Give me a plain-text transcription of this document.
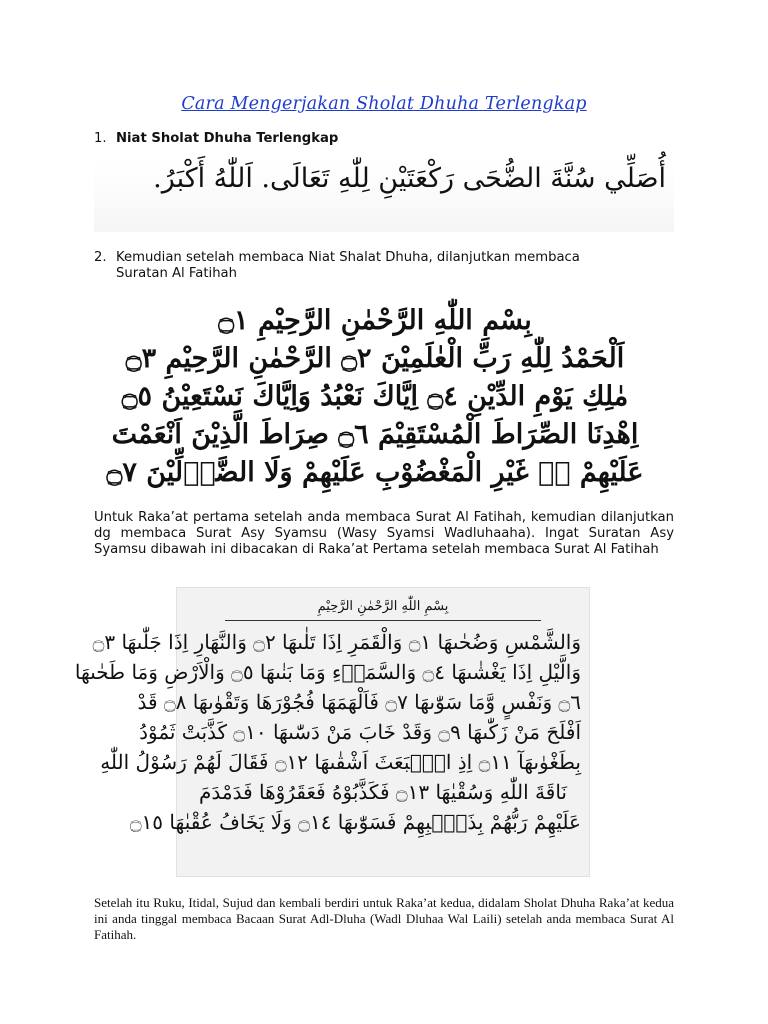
Cara Mengerjakan Sholat Dhuha Terlengkap
1. Niat Sholat Dhuha Terlengkap
أُصَلِّي سُنَّةَ الضُّحَى رَكْعَتَيْنِ لِلّٰهِ تَعَالَى. اَللّٰهُ أَكْبَرُ.
2. Kemudian setelah membaca Niat Shalat Dhuha, dilanjutkan membaca
Suratan Al Fatihah
بِسْمِ اللّٰهِ الرَّحْمٰنِ الرَّحِيْمِ ۝١
اَلْحَمْدُ لِلّٰهِ رَبِّ الْعٰلَمِيْنَ ۝٢ الرَّحْمٰنِ الرَّحِيْمِ ۝٣
مٰلِكِ يَوْمِ الدِّيْنِ ۝٤ اِيَّاكَ نَعْبُدُ وَاِيَّاكَ نَسْتَعِيْنُ ۝٥
اِهْدِنَا الصِّرَاطَ الْمُسْتَقِيْمَ ۝٦ صِرَاطَ الَّذِيْنَ اَنْعَمْتَ
عَلَيْهِمْ ەۙ غَيْرِ الْمَغْضُوْبِ عَلَيْهِمْ وَلَا الضَّاۤلِّيْنَ ۝٧
Untuk Raka’at pertama setelah anda membaca Surat Al Fatihah, kemudian dilanjutkan dg membaca Surat Asy Syamsu (Wasy Syamsi Wadluhaaha). Ingat Suratan Asy Syamsu dibawah ini dibacakan di Raka’at Pertama setelah membaca Surat Al Fatihah
بِسْمِ اللّٰهِ الرَّحْمٰنِ الرَّحِيْمِ
وَالشَّمْسِ وَضُحٰىهَا ۝١ وَالْقَمَرِ اِذَا تَلٰىهَا ۝٢ وَالنَّهَارِ اِذَا جَلّٰىهَا ۝٣
وَالَّيْلِ اِذَا يَغْشٰىهَا ۝٤ وَالسَّمَاۤءِ وَمَا بَنٰىهَا ۝٥ وَالْاَرْضِ وَمَا طَحٰىهَا
۝٦ وَنَفْسٍ وَّمَا سَوّٰىهَا ۝٧ فَاَلْهَمَهَا فُجُوْرَهَا وَتَقْوٰىهَا ۝٨ قَدْ
اَفْلَحَ مَنْ زَكّٰىهَا ۝٩ وَقَدْ خَابَ مَنْ دَسّٰىهَا ۝١٠ كَذَّبَتْ ثَمُوْدُ
بِطَغْوٰىهَآ ۝١١ اِذِ انْۢبَعَثَ اَشْقٰىهَا ۝١٢ فَقَالَ لَهُمْ رَسُوْلُ اللّٰهِ
نَاقَةَ اللّٰهِ وَسُقْيٰهَا ۝١٣ فَكَذَّبُوْهُ فَعَقَرُوْهَا فَدَمْدَمَ
عَلَيْهِمْ رَبُّهُمْ بِذَنْۢبِهِمْ فَسَوّٰىهَا ۝١٤ وَلَا يَخَافُ عُقْبٰهَا ۝١٥
Setelah itu Ruku, Itidal, Sujud dan kembali berdiri untuk Raka’at kedua, didalam Sholat Dhuha Raka’at kedua ini anda tinggal membaca Bacaan Surat Adl-Dluha (Wadl Dluhaa Wal Laili) setelah anda membaca Surat Al Fatihah.
